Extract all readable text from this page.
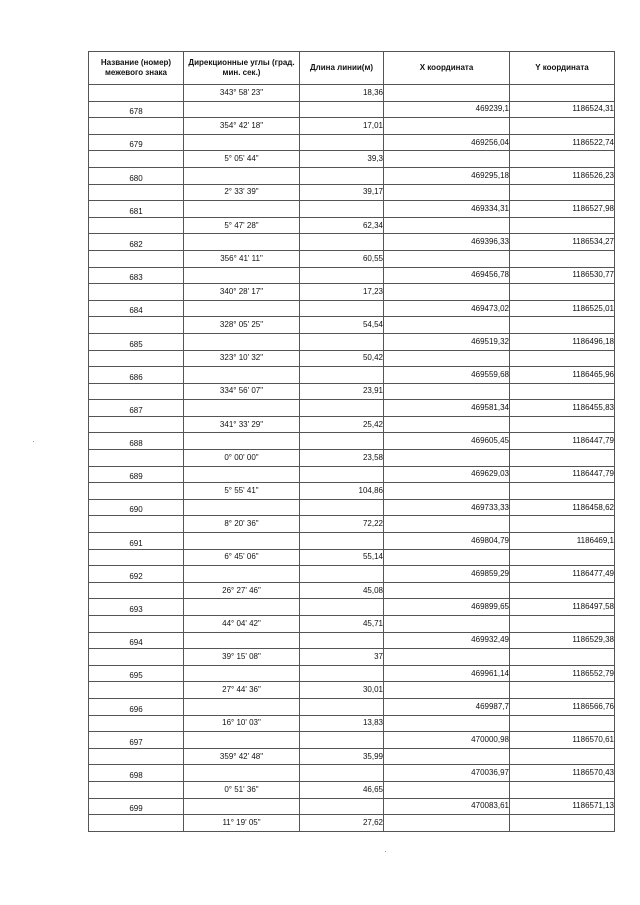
Название (номер) межевого знака	Дирекционные углы (град. мин. сек.)	Длина линии(м)	X координата	Y координата
	343° 58' 23"	18,36		
678			469239,1	1186524,31
	354° 42' 18"	17,01		
679			469256,04	1186522,74
	5° 05' 44"	39,3		
680			469295,18	1186526,23
	2° 33' 39"	39,17		
681			469334,31	1186527,98
	5° 47' 28"	62,34		
682			469396,33	1186534,27
	356° 41' 11"	60,55		
683			469456,78	1186530,77
	340° 28' 17"	17,23		
684			469473,02	1186525,01
	328° 05' 25"	54,54		
685			469519,32	1186496,18
	323° 10' 32"	50,42		
686			469559,68	1186465,96
	334° 56' 07"	23,91		
687			469581,34	1186455,83
	341° 33' 29"	25,42		
688			469605,45	1186447,79
	0° 00' 00"	23,58		
689			469629,03	1186447,79
	5° 55' 41"	104,86		
690			469733,33	1186458,62
	8° 20' 36"	72,22		
691			469804,79	1186469,1
	6° 45' 06"	55,14		
692			469859,29	1186477,49
	26° 27' 46"	45,08		
693			469899,65	1186497,58
	44° 04' 42"	45,71		
694			469932,49	1186529,38
	39° 15' 08"	37		
695			469961,14	1186552,79
	27° 44' 36"	30,01		
696			469987,7	1186566,76
	16° 10' 03"	13,83		
697			470000,98	1186570,61
	359° 42' 48"	35,99		
698			470036,97	1186570,43
	0° 51' 36"	46,65		
699			470083,61	1186571,13
	11° 19' 05"	27,62		
